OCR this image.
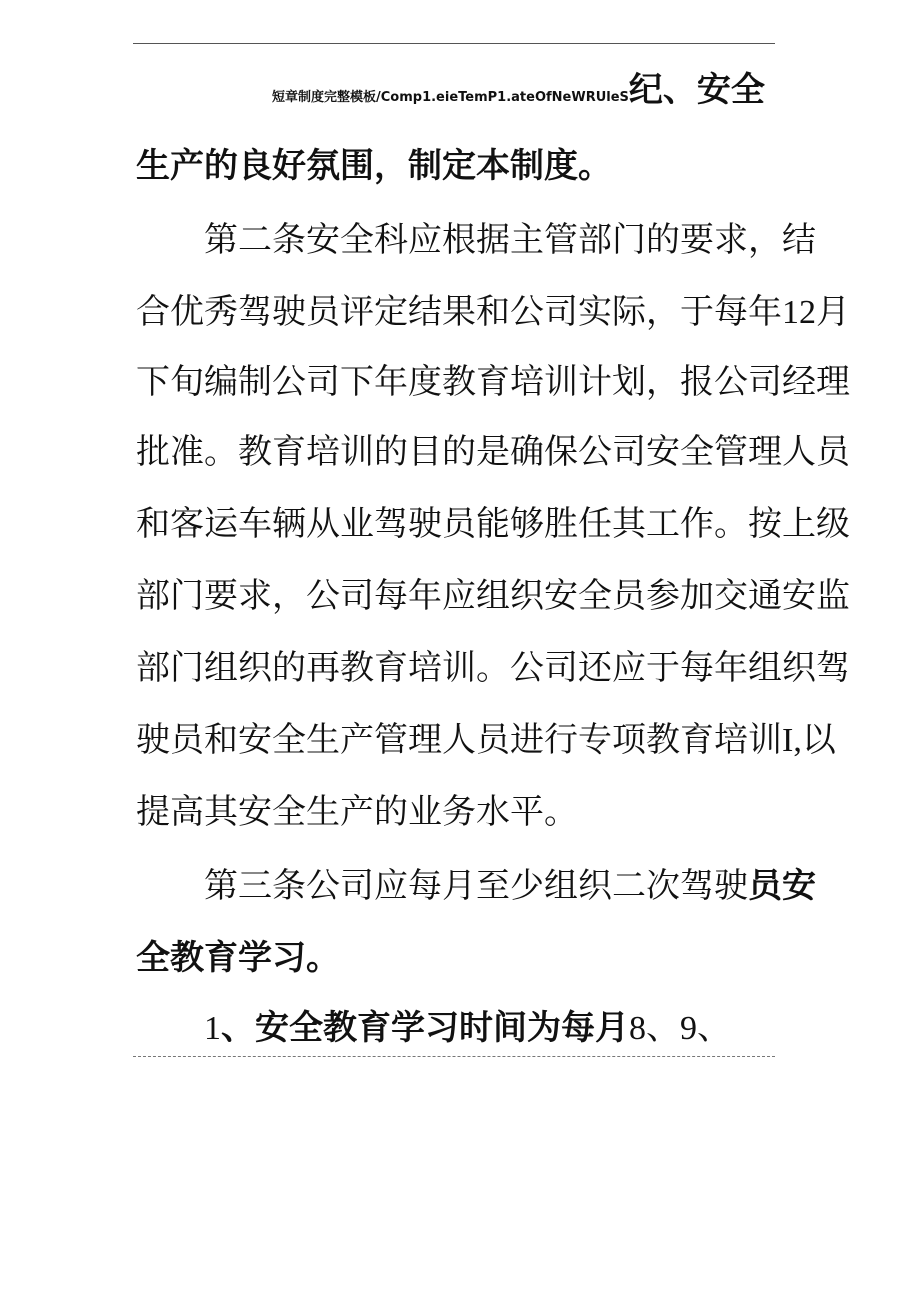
短章制度完整模板/Comp1.eieTemP1.ateOfNeWRUleS纪、安全
生产的良好氛围，制定本制度。
第二条安全科应根据主管部门的要求，结
合优秀驾驶员评定结果和公司实际，于每年12月
下旬编制公司下年度教育培训计划，报公司经理
批准。教育培训的目的是确保公司安全管理人员
和客运车辆从业驾驶员能够胜任其工作。按上级
部门要求，公司每年应组织安全员参加交通安监
部门组织的再教育培训。公司还应于每年组织驾
驶员和安全生产管理人员进行专项教育培训I,以
提高其安全生产的业务水平。
第三条公司应每月至少组织二次驾驶员安
全教育学习。
1、安全教育学习时间为每月8、9、
